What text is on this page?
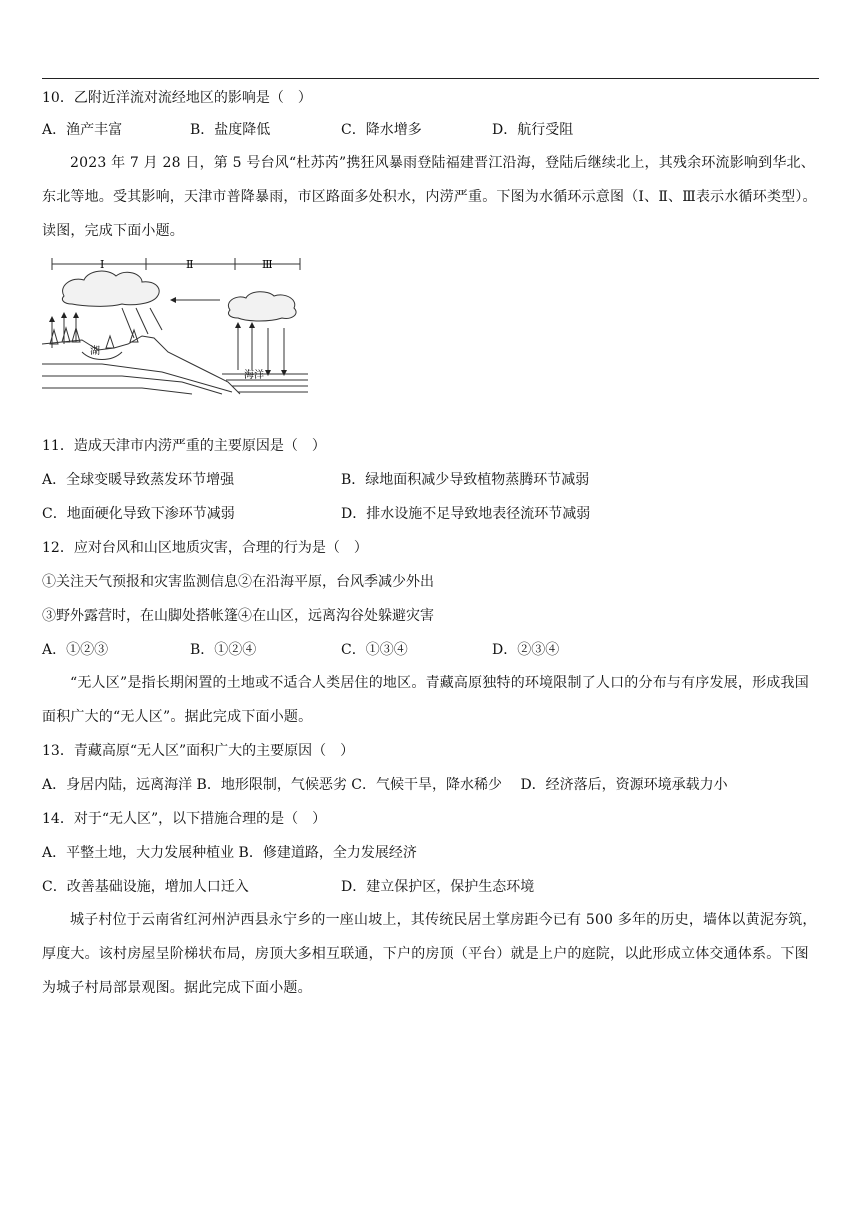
10．乙附近洋流对流经地区的影响是（　）
A．渔产丰富	B．盐度降低	C．降水增多	D．航行受阻
2023 年 7 月 28 日，第 5 号台风“杜苏芮”携狂风暴雨登陆福建晋江沿海，登陆后继续北上，其残余环流影响到华北、东北等地。受其影响，天津市普降暴雨，市区路面多处积水，内涝严重。下图为水循环示意图（Ⅰ、Ⅱ、Ⅲ表示水循环类型）。读图，完成下面小题。
Ⅰ	Ⅱ	Ⅲ
湖
海洋
11．造成天津市内涝严重的主要原因是（　）
A．全球变暖导致蒸发环节增强	B．绿地面积减少导致植物蒸腾环节减弱
C．地面硬化导致下渗环节减弱	D．排水设施不足导致地表径流环节减弱
12．应对台风和山区地质灾害，合理的行为是（　）
①关注天气预报和灾害监测信息②在沿海平原，台风季减少外出
③野外露营时，在山脚处搭帐篷④在山区，远离沟谷处躲避灾害
A．①②③	B．①②④	C．①③④	D．②③④
“无人区”是指长期闲置的土地或不适合人类居住的地区。青藏高原独特的环境限制了人口的分布与有序发展，形成我国面积广大的“无人区”。据此完成下面小题。
13．青藏高原“无人区”面积广大的主要原因（　）
A．身居内陆，远离海洋 B．地形限制，气候恶劣 C．气候干旱，降水稀少　 D．经济落后，资源环境承载力小
14．对于“无人区”，以下措施合理的是（　）
A．平整土地，大力发展种植业 B．修建道路，全力发展经济
C．改善基础设施，增加人口迁入	D．建立保护区，保护生态环境
城子村位于云南省红河州泸西县永宁乡的一座山坡上，其传统民居土掌房距今已有 500 多年的历史，墙体以黄泥夯筑，厚度大。该村房屋呈阶梯状布局，房顶大多相互联通，下户的房顶（平台）就是上户的庭院，以此形成立体交通体系。下图为城子村局部景观图。据此完成下面小题。
